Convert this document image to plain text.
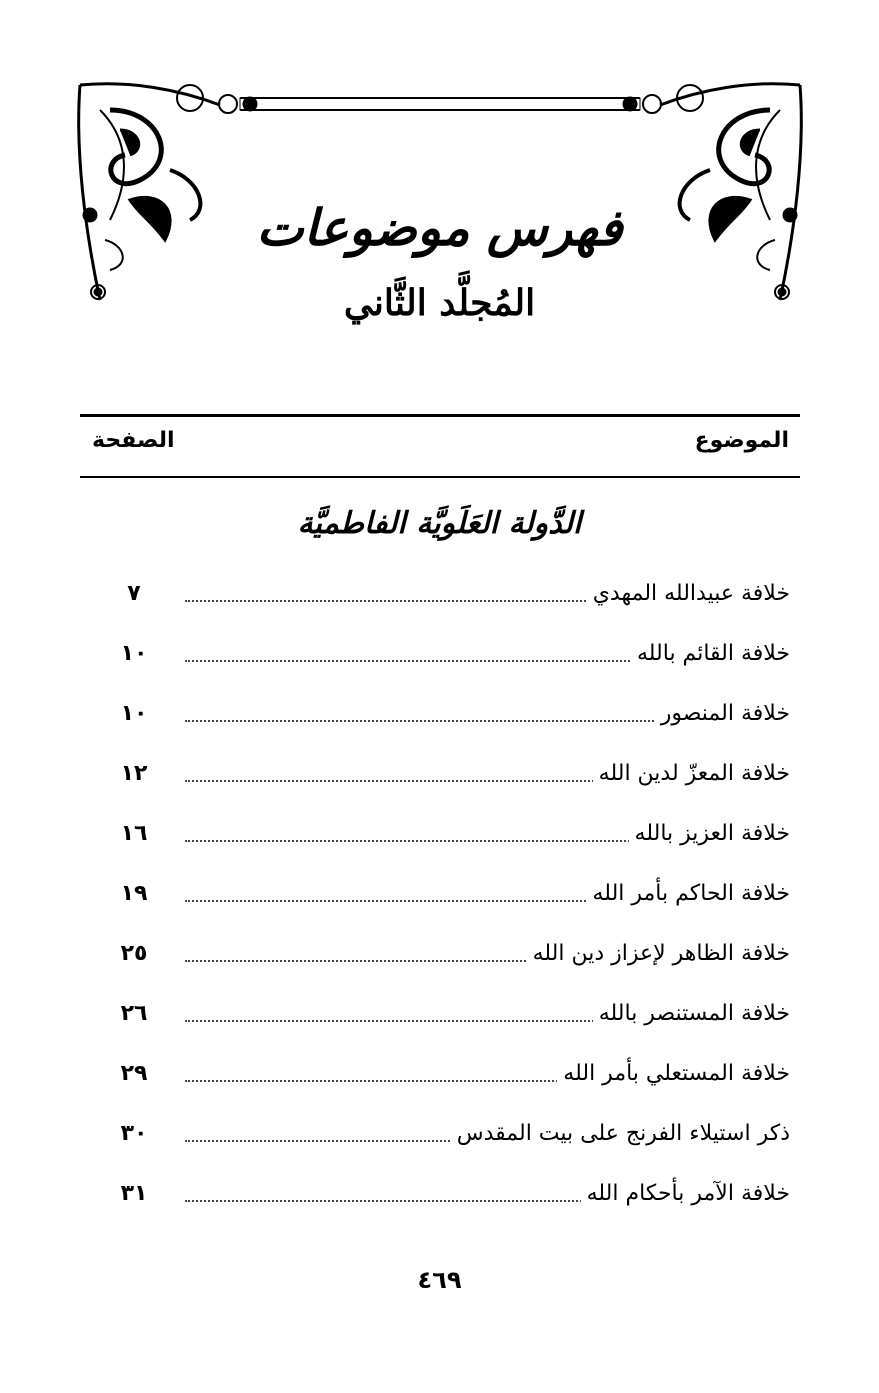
فهرس موضوعات
المُجلَّد الثَّاني
الموضوع
الصفحة
الدَّولة العَلَويَّة الفاطميَّة
خلافة عبيدالله المهدي
٧
خلافة القائم بالله
١٠
خلافة المنصور
١٠
خلافة المعزّ لدين الله
١٢
خلافة العزيز بالله
١٦
خلافة الحاكم بأمر الله
١٩
خلافة الظاهر لإعزاز دين الله
٢٥
خلافة المستنصر بالله
٢٦
خلافة المستعلي بأمر الله
٢٩
ذكر استيلاء الفرنج على بيت المقدس
٣٠
خلافة الآمر بأحكام الله
٣١
٤٦٩
